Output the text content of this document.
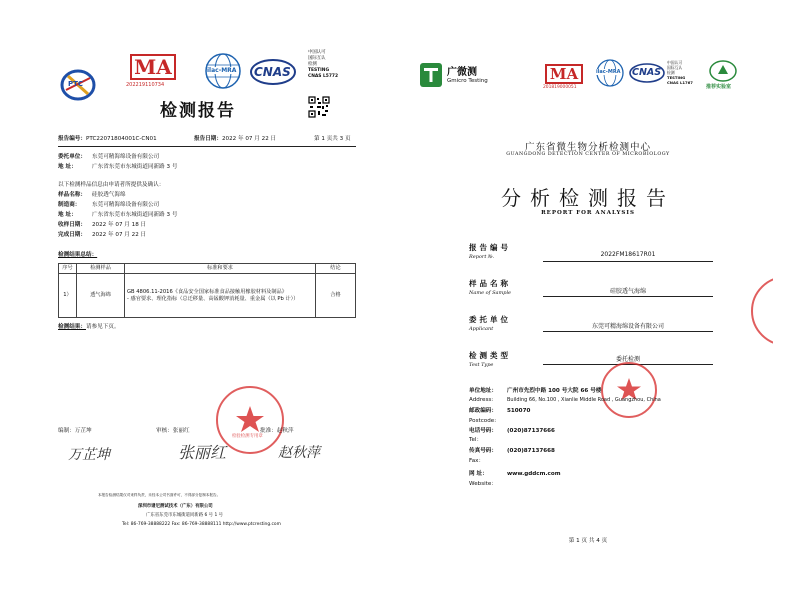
PTC
MA
202219110734
ilac-MRA CNAS
中国认可
国际互认
检测
TESTING
CNAS L5772
检测报告
报告编号：PTC22071804001C-CN01	报告日期：2022 年 07 月 22 日	第 1 页共 3 页
委托单位： 东莞可精海绵设备有限公司
地 址：	广东省东莞市东城街道同新路 3 号
以下检测样品信息由申请者所提供及确认：
样品名称： 硅胶透气海绵
制造商： 东莞可精海绵设备有限公司
地 址：	广东省东莞市东城街道同新路 3 号
收样日期： 2022 年 07 月 18 日
完成日期： 2022 年 07 月 22 日
检测结果总结：
序号	检测样品	标准和要求	结论
1）	透气海绵	GB 4806.11-2016《食品安全国家标准食品接触用橡胶材料及制品》
- 感官要求、理化指标（总迁移量、高锰酸钾消耗量、重金属（以 Pb 计））	合格
检测结果：请参见下页。
检验检测专用章
编制：万芷坤	审核：张丽红	批准：赵秋萍
万芷坤	张丽红	赵秋萍
本报告检测结果仅对来样负责，未经本公司书面许可，不得部分复制本报告。
深圳市谱尼测试技术（广东）有限公司
广东省东莞市东城街道同新路 6 号 1 号
Tel: 86-769-38888222 Fax: 86-769-38888111 http://www.ptcresting.com
广微测
Gmicro Testing	MA
201819000051
ilac-MRA CNAS
中国认可
国际互认
检测
TESTING
CNAS L1767
推荐实验室
广东省微生物分析检测中心
GUANGDONG DETECTION CENTER OF MICROBIOLOGY
分析检测报告
REPORT FOR ANALYSIS
报告编号
Report №.	2022FM18617R01
样品名称
Name of Sample	硅胶透气海绵
委托单位
Applicant	东莞可精海绵设备有限公司
检测类型
Test Type
委托检测
单位地址： 广州市先烈中路 100 号大院 66 号楼
Address:	Building 66, No.100 , Xianlie Middle Road , Guangzhou, China
邮政编码： 510070
Postcode:
电话号码： (020)87137666
Tel：
传真号码： (020)87137668
Fax：
网 址：	www.gddcm.com
Website：
第 1 页 共 4 页
